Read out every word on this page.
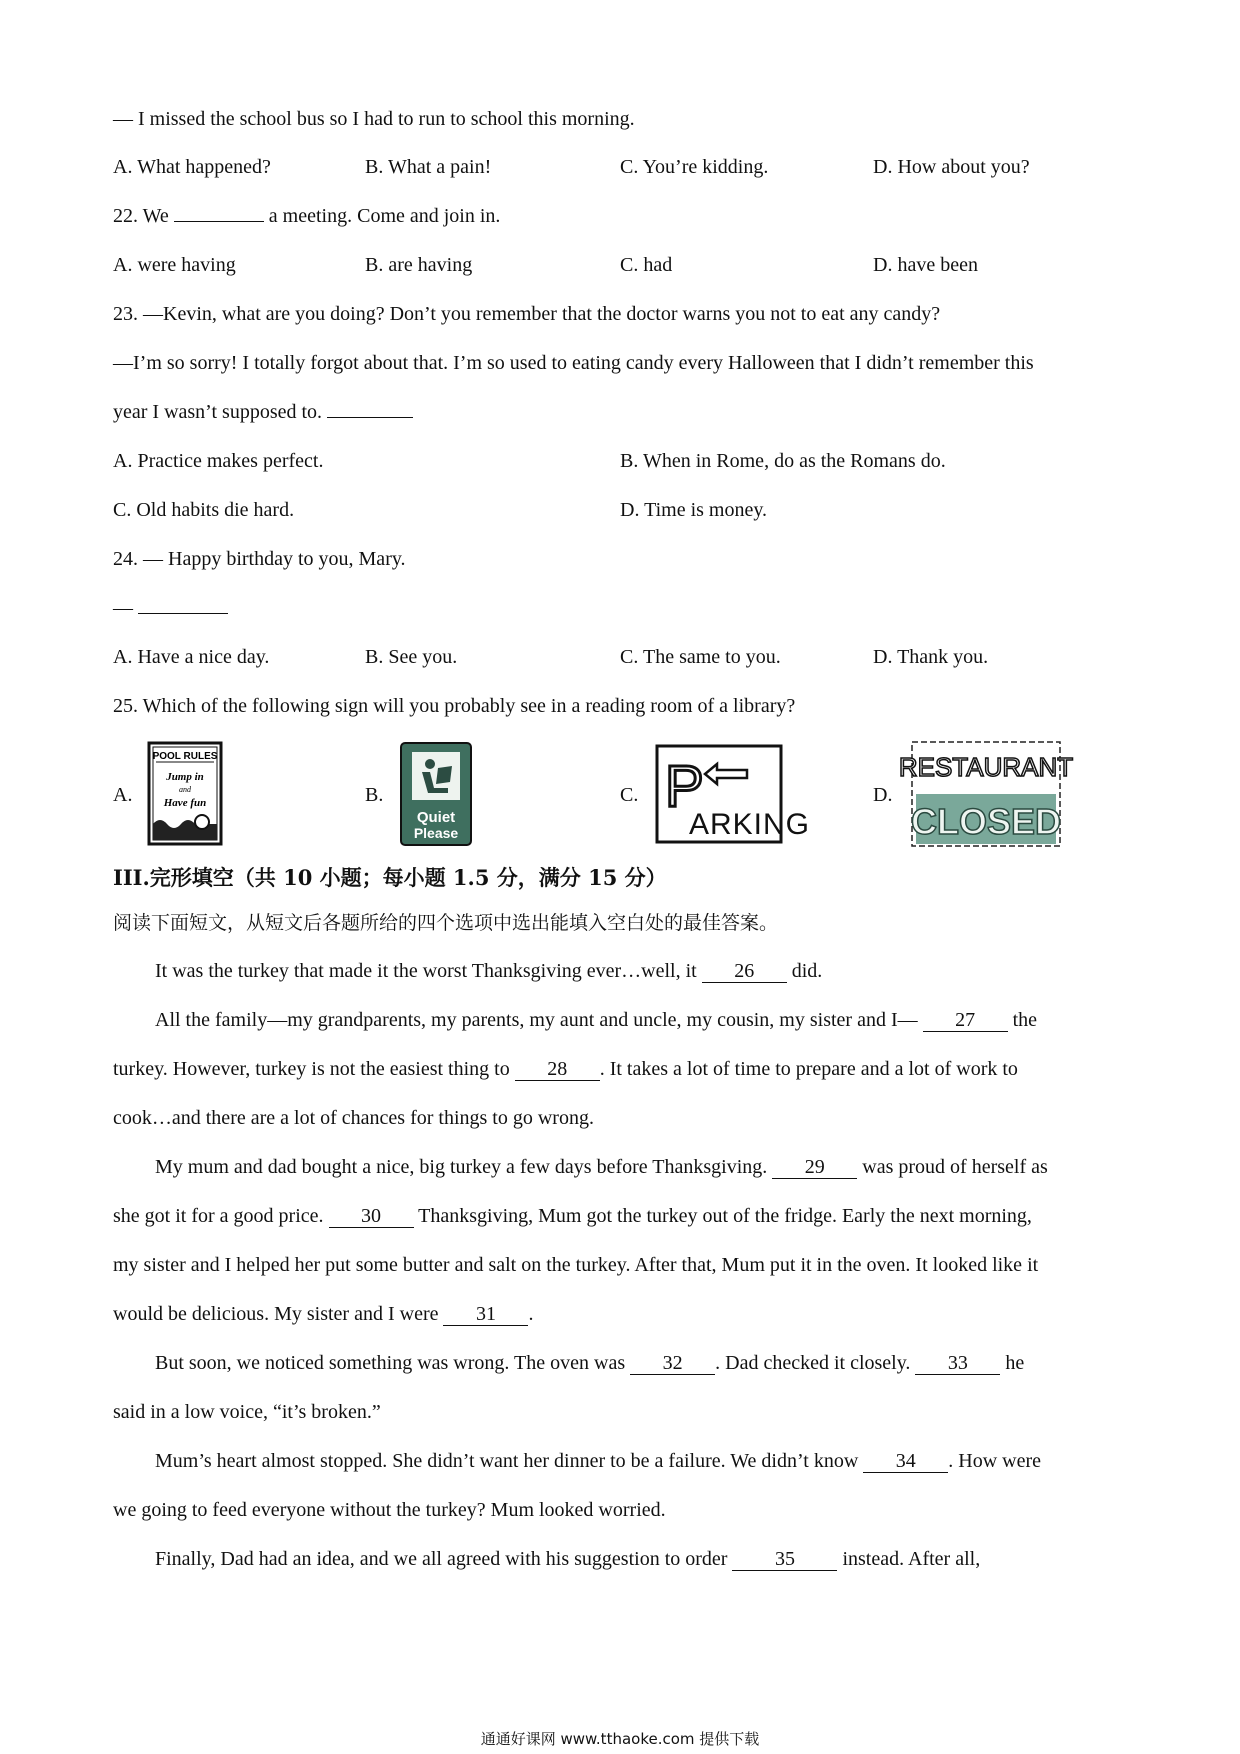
— I missed the school bus so I had to run to school this morning.
A. What happened?	B. What a pain!	C. You’re kidding.	D. How about you?
22. We	a meeting. Come and join in.
A. were having	B. are having	C. had	D. have been
23. —Kevin, what are you doing? Don’t you remember that the doctor warns you not to eat any candy?
—I’m so sorry! I totally forgot about that. I’m so used to eating candy every Halloween that I didn’t remember this
year I wasn’t supposed to.
A. Practice makes perfect.	B. When in Rome, do as the Romans do.
C. Old habits die hard.	D. Time is money.
24. — Happy birthday to you, Mary.
—
A. Have a nice day.	B. See you.	C. The same to you.	D. Thank you.
25. Which of the following sign will you probably see in a reading room of a library?
A.	B.	C.	D.
POOL RULES
Jump in
and
Have fun
Quiet
Please
P
ARKING
RESTAURANT
CLOSED
III.完形填空（共 10 小题；每小题 1.5 分，满分 15 分）
阅读下面短文，从短文后各题所给的四个选项中选出能填入空白处的最佳答案。
It was the turkey that made it the worst Thanksgiving ever…well, it 26 did.
All the family—my grandparents, my parents, my aunt and uncle, my cousin, my sister and I— 27 the
turkey. However, turkey is not the easiest thing to 28 . It takes a lot of time to prepare and a lot of work to
cook…and there are a lot of chances for things to go wrong.
My mum and dad bought a nice, big turkey a few days before Thanksgiving. 29 was proud of herself as
she got it for a good price. 30 Thanksgiving, Mum got the turkey out of the fridge. Early the next morning,
my sister and I helped her put some butter and salt on the turkey. After that, Mum put it in the oven. It looked like it
would be delicious. My sister and I were 31 .
But soon, we noticed something was wrong. The oven was 32 . Dad checked it closely. 33 he
said in a low voice, “it’s broken.”
Mum’s heart almost stopped. She didn’t want her dinner to be a failure. We didn’t know 34 . How were
we going to feed everyone without the turkey? Mum looked worried.
Finally, Dad had an idea, and we all agreed with his suggestion to order 35 instead. After all,
通通好课网 www.tthaoke.com 提供下载
